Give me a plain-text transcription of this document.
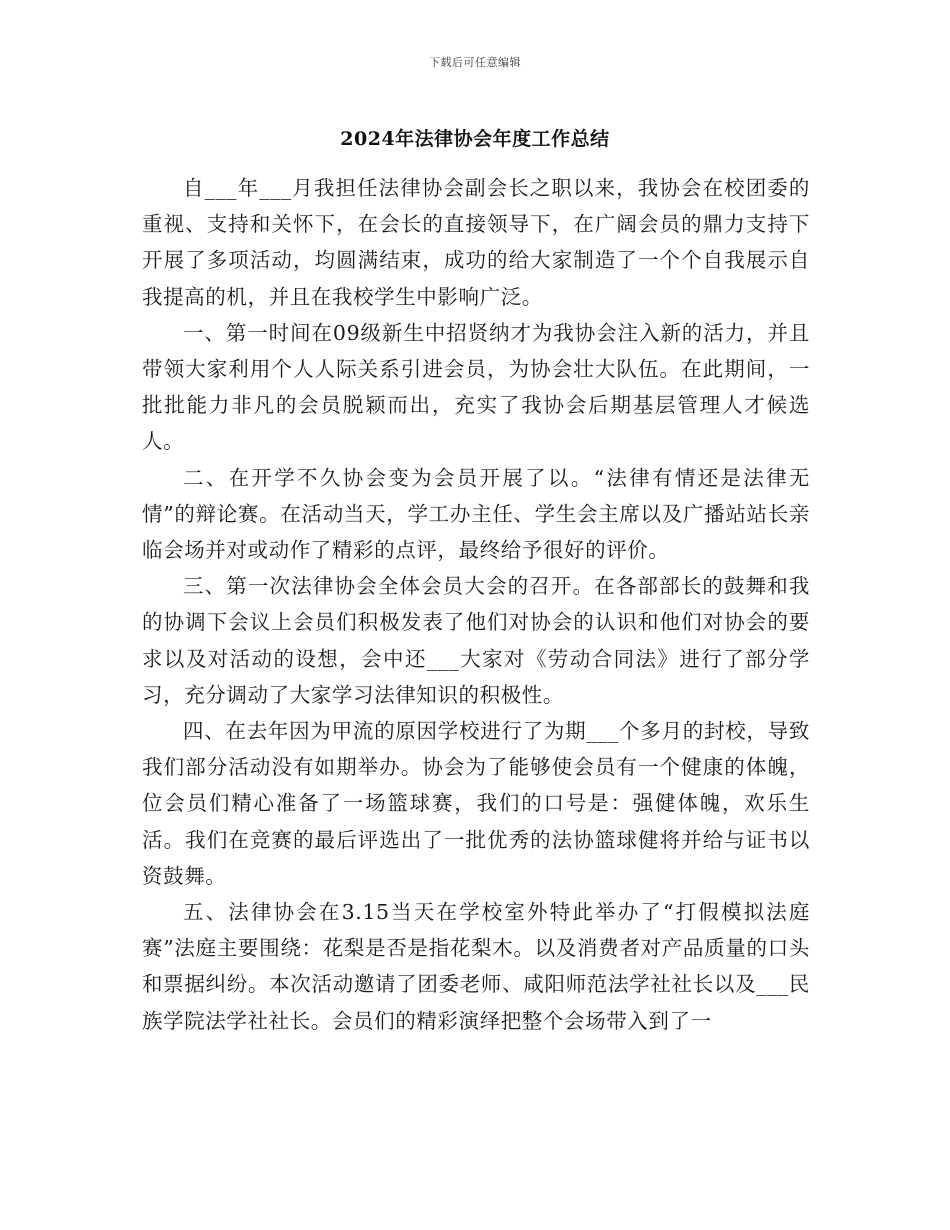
下载后可任意编辑
2024年法律协会年度工作总结

自___年___月我担任法律协会副会长之职以来，我协会在校团委的重视、支持和关怀下，在会长的直接领导下，在广阔会员的鼎力支持下开展了多项活动，均圆满结束，成功的给大家制造了一个个自我展示自我提高的机，并且在我校学生中影响广泛。

一、第一时间在09级新生中招贤纳才为我协会注入新的活力，并且带领大家利用个人人际关系引进会员，为协会壮大队伍。在此期间，一批批能力非凡的会员脱颖而出，充实了我协会后期基层管理人才候选人。

二、在开学不久协会变为会员开展了以。“法律有情还是法律无情”的辩论赛。在活动当天，学工办主任、学生会主席以及广播站站长亲临会场并对或动作了精彩的点评，最终给予很好的评价。

三、第一次法律协会全体会员大会的召开。在各部部长的鼓舞和我的协调下会议上会员们积极发表了他们对协会的认识和他们对协会的要求以及对活动的设想，会中还___大家对《劳动合同法》进行了部分学习，充分调动了大家学习法律知识的积极性。

四、在去年因为甲流的原因学校进行了为期___个多月的封校，导致我们部分活动没有如期举办。协会为了能够使会员有一个健康的体魄，位会员们精心准备了一场篮球赛，我们的口号是：强健体魄，欢乐生活。我们在竞赛的最后评选出了一批优秀的法协篮球健将并给与证书以资鼓舞。

五、法律协会在3.15当天在学校室外特此举办了“打假模拟法庭赛”法庭主要围绕：花梨是否是指花梨木。以及消费者对产品质量的口头和票据纠纷。本次活动邀请了团委老师、咸阳师范法学社社长以及___民族学院法学社社长。会员们的精彩演绎把整个会场带入到了一
